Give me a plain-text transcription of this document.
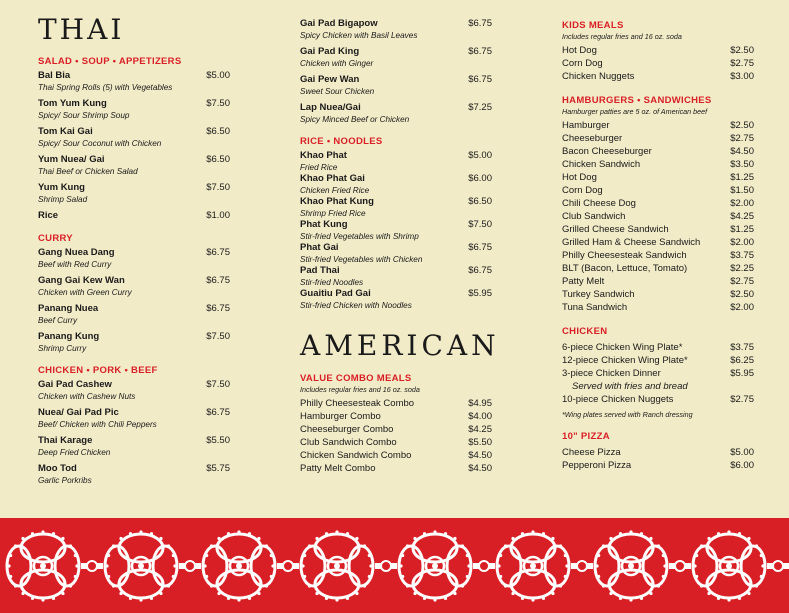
THAI
SALAD • SOUP • APPETIZERS
Bal Bia	$5.00
Thai Spring Rolls (5) with Vegetables
Tom Yum Kung	$7.50
Spicy/ Sour Shrimp Soup
Tom Kai Gai	$6.50
Spicy/ Sour Coconut with Chicken
Yum Nuea/ Gai	$6.50
Thai Beef or Chicken Salad
Yum Kung	$7.50
Shrimp Salad
Rice	$1.00
CURRY
Gang Nuea Dang	$6.75
Beef with Red Curry
Gang Gai Kew Wan	$6.75
Chicken with Green Curry
Panang Nuea	$6.75
Beef Curry
Panang Kung	$7.50
Shrimp Curry
CHICKEN • PORK • BEEF
Gai Pad Cashew	$7.50
Chicken with Cashew Nuts
Nuea/ Gai Pad Pic	$6.75
Beef/ Chicken with Chili Peppers
Thai Karage	$5.50
Deep Fried Chicken
Moo Tod	$5.75
Garlic Porkribs
Gai Pad Bigapow	$6.75
Spicy Chicken with Basil Leaves
Gai Pad King	$6.75
Chicken with Ginger
Gai Pew Wan	$6.75
Sweet Sour Chicken
Lap Nuea/Gai	$7.25
Spicy Minced Beef or Chicken
RICE • NOODLES
Khao Phat	$5.00
Fried Rice
Khao Phat Gai	$6.00
Chicken Fried Rice
Khao Phat Kung	$6.50
Shrimp Fried Rice
Phat Kung	$7.50
Stir-fried Vegetables with Shrimp
Phat Gai	$6.75
Stir-fried Vegetables with Chicken
Pad Thai	$6.75
Stir-fried Noodles
Guaitiu Pad Gai	$5.95
Stir-fried Chicken with Noodles
AMERICAN
VALUE COMBO MEALS
Includes regular fries and 16 oz. soda
Philly Cheesesteak Combo	$4.95
Hamburger Combo	$4.00
Cheeseburger Combo	$4.25
Club Sandwich Combo	$5.50
Chicken Sandwich Combo	$4.50
Patty Melt Combo	$4.50
KIDS MEALS
Includes regular fries and 16 oz. soda
Hot Dog	$2.50
Corn Dog	$2.75
Chicken Nuggets	$3.00
HAMBURGERS • SANDWICHES
Hamburger patties are 5 oz. of American beef
Hamburger	$2.50
Cheeseburger	$2.75
Bacon Cheeseburger	$4.50
Chicken Sandwich	$3.50
Hot Dog	$1.25
Corn Dog	$1.50
Chili Cheese Dog	$2.00
Club Sandwich	$4.25
Grilled Cheese Sandwich	$1.25
Grilled Ham & Cheese Sandwich	$2.00
Philly Cheesesteak Sandwich	$3.75
BLT (Bacon, Lettuce, Tomato)	$2.25
Patty Melt	$2.75
Turkey Sandwich	$2.50
Tuna Sandwich	$2.00
CHICKEN
6-piece Chicken Wing Plate*	$3.75
12-piece Chicken Wing Plate*	$6.25
3-piece Chicken Dinner	$5.95
Served with fries and bread
10-piece Chicken Nuggets	$2.75
*Wing plates served with Ranch dressing
10" PIZZA
Cheese Pizza	$5.00
Pepperoni Pizza	$6.00
